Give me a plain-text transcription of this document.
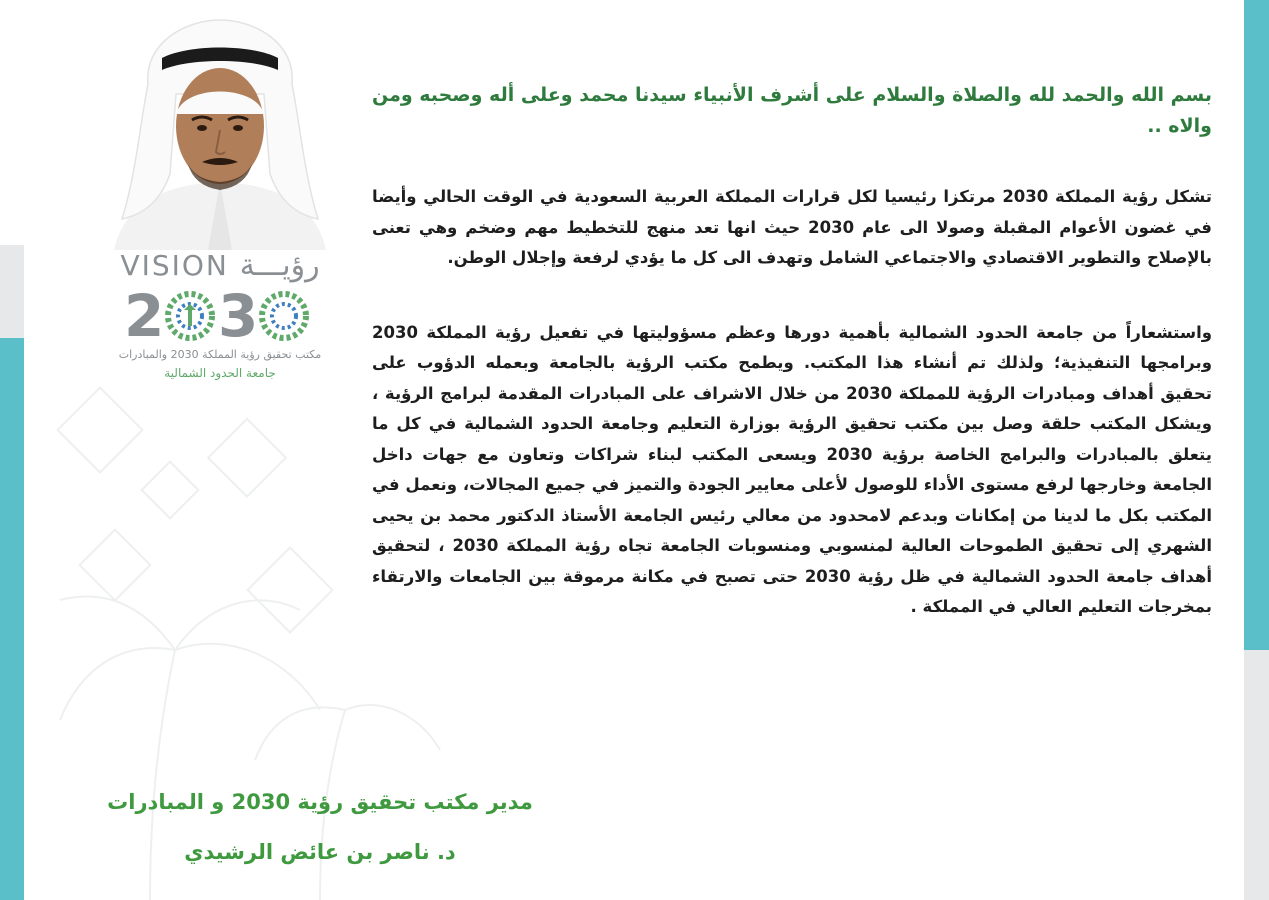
VISION رؤيـــة
2 3
مكتب تحقيق رؤية المملكة 2030 والمبادرات
جامعة الحدود الشمالية

بسم الله والحمد لله والصلاة والسلام على أشرف الأنبياء سيدنا محمد وعلى أله وصحبه ومن والاه ..

تشكل رؤية المملكة 2030 مرتكزا رئيسيا لكل قرارات المملكة العربية السعودية في الوقت الحالي وأيضا في غضون الأعوام المقبلة وصولا الى عام 2030 حيث انها تعد منهج للتخطيط مهم وضخم وهي تعنى بالإصلاح والتطوير الاقتصادي والاجتماعي الشامل وتهدف الى كل ما يؤدي لرفعة وإجلال الوطن.

واستشعاراً من جامعة الحدود الشمالية بأهمية دورها وعظم مسؤوليتها في تفعيل رؤية المملكة 2030 وبرامجها التنفيذية؛ ولذلك تم أنشاء هذا المكتب. ويطمح مكتب الرؤية بالجامعة وبعمله الدؤوب على تحقيق أهداف ومبادرات الرؤية للمملكة 2030 من خلال الاشراف على المبادرات المقدمة لبرامج الرؤية ، ويشكل المكتب حلقة وصل بين مكتب تحقيق الرؤية بوزارة التعليم وجامعة الحدود الشمالية في كل ما يتعلق بالمبادرات والبرامج الخاصة برؤية 2030 ويسعى المكتب لبناء شراكات وتعاون مع جهات داخل الجامعة وخارجها لرفع مستوى الأداء للوصول لأعلى معايير الجودة والتميز في جميع المجالات، ونعمل في المكتب بكل ما لدينا من إمكانات وبدعم لامحدود من معالي رئيس الجامعة الأستاذ الدكتور محمد بن يحيى الشهري إلى تحقيق الطموحات العالية لمنسوبي ومنسوبات الجامعة تجاه رؤية المملكة 2030 ، لتحقيق أهداف جامعة الحدود الشمالية في ظل رؤية 2030 حتى تصبح في مكانة مرموقة بين الجامعات والارتقاء بمخرجات التعليم العالي في المملكة .

مدير مكتب تحقيق رؤية 2030 و المبادرات
د. ناصر بن عائض الرشيدي
